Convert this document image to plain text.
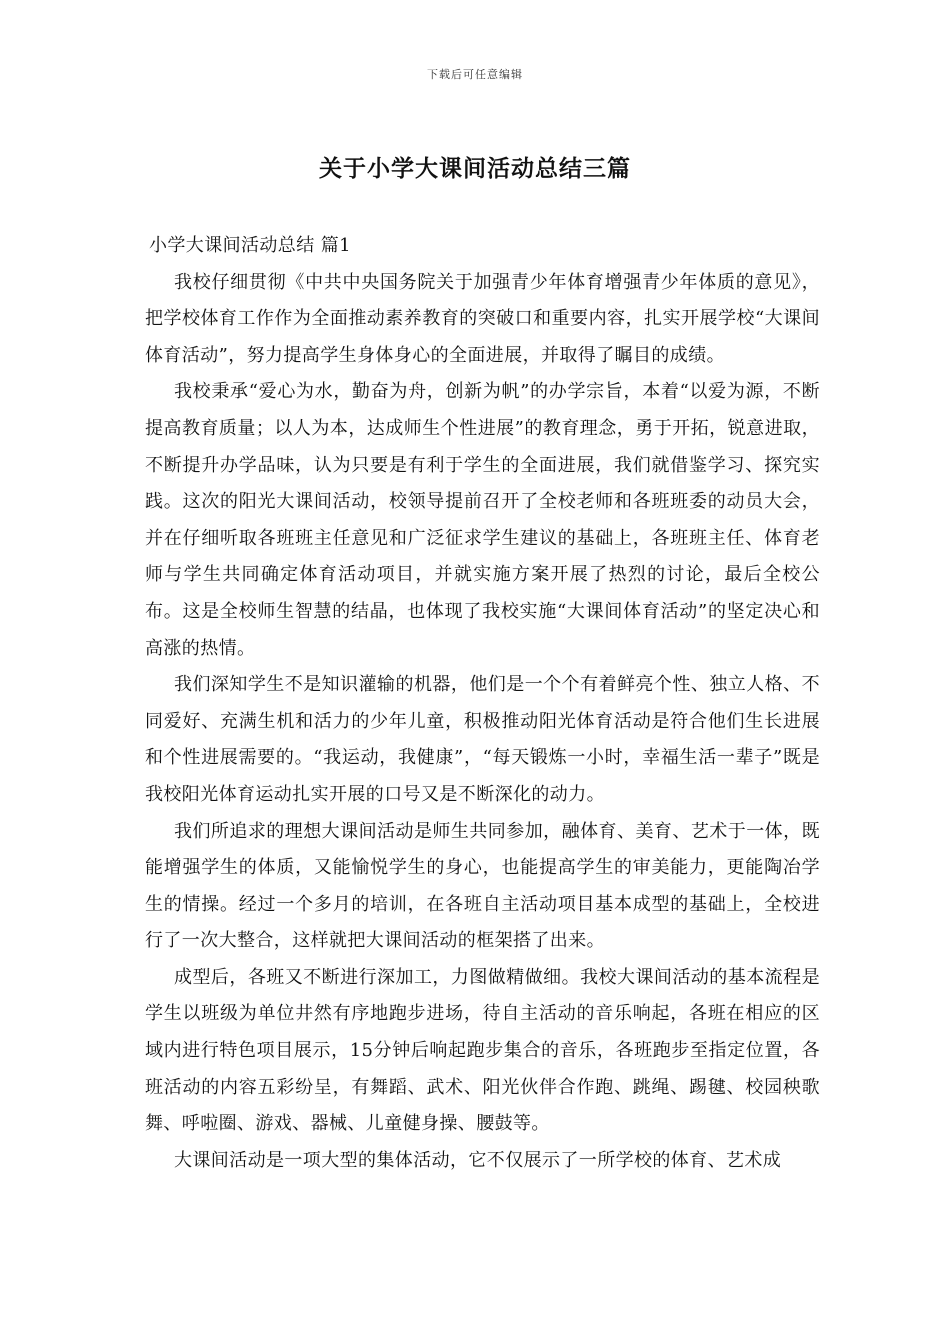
下载后可任意编辑
关于小学大课间活动总结三篇
小学大课间活动总结 篇1

我校仔细贯彻《中共中央国务院关于加强青少年体育增强青少年体质的意见》，把学校体育工作作为全面推动素养教育的突破口和重要内容，扎实开展学校“大课间体育活动”，努力提高学生身体身心的全面进展，并取得了瞩目的成绩。

我校秉承“爱心为水，勤奋为舟，创新为帆”的办学宗旨，本着“以爱为源，不断提高教育质量；以人为本，达成师生个性进展”的教育理念，勇于开拓，锐意进取，不断提升办学品味，认为只要是有利于学生的全面进展，我们就借鉴学习、探究实践。这次的阳光大课间活动，校领导提前召开了全校老师和各班班委的动员大会，并在仔细听取各班班主任意见和广泛征求学生建议的基础上，各班班主任、体育老师与学生共同确定体育活动项目，并就实施方案开展了热烈的讨论，最后全校公布。这是全校师生智慧的结晶，也体现了我校实施“大课间体育活动”的坚定决心和高涨的热情。

我们深知学生不是知识灌输的机器，他们是一个个有着鲜亮个性、独立人格、不同爱好、充满生机和活力的少年儿童，积极推动阳光体育活动是符合他们生长进展和个性进展需要的。“我运动，我健康”，“每天锻炼一小时，幸福生活一辈子”既是我校阳光体育运动扎实开展的口号又是不断深化的动力。

我们所追求的理想大课间活动是师生共同参加，融体育、美育、艺术于一体，既能增强学生的体质，又能愉悦学生的身心，也能提高学生的审美能力，更能陶冶学生的情操。经过一个多月的培训，在各班自主活动项目基本成型的基础上，全校进行了一次大整合，这样就把大课间活动的框架搭了出来。

成型后，各班又不断进行深加工，力图做精做细。我校大课间活动的基本流程是学生以班级为单位井然有序地跑步进场，待自主活动的音乐响起，各班在相应的区域内进行特色项目展示，15分钟后响起跑步集合的音乐，各班跑步至指定位置，各班活动的内容五彩纷呈，有舞蹈、武术、阳光伙伴合作跑、跳绳、踢毽、校园秧歌舞、呼啦圈、游戏、器械、儿童健身操、腰鼓等。

大课间活动是一项大型的集体活动，它不仅展示了一所学校的体育、艺术成
